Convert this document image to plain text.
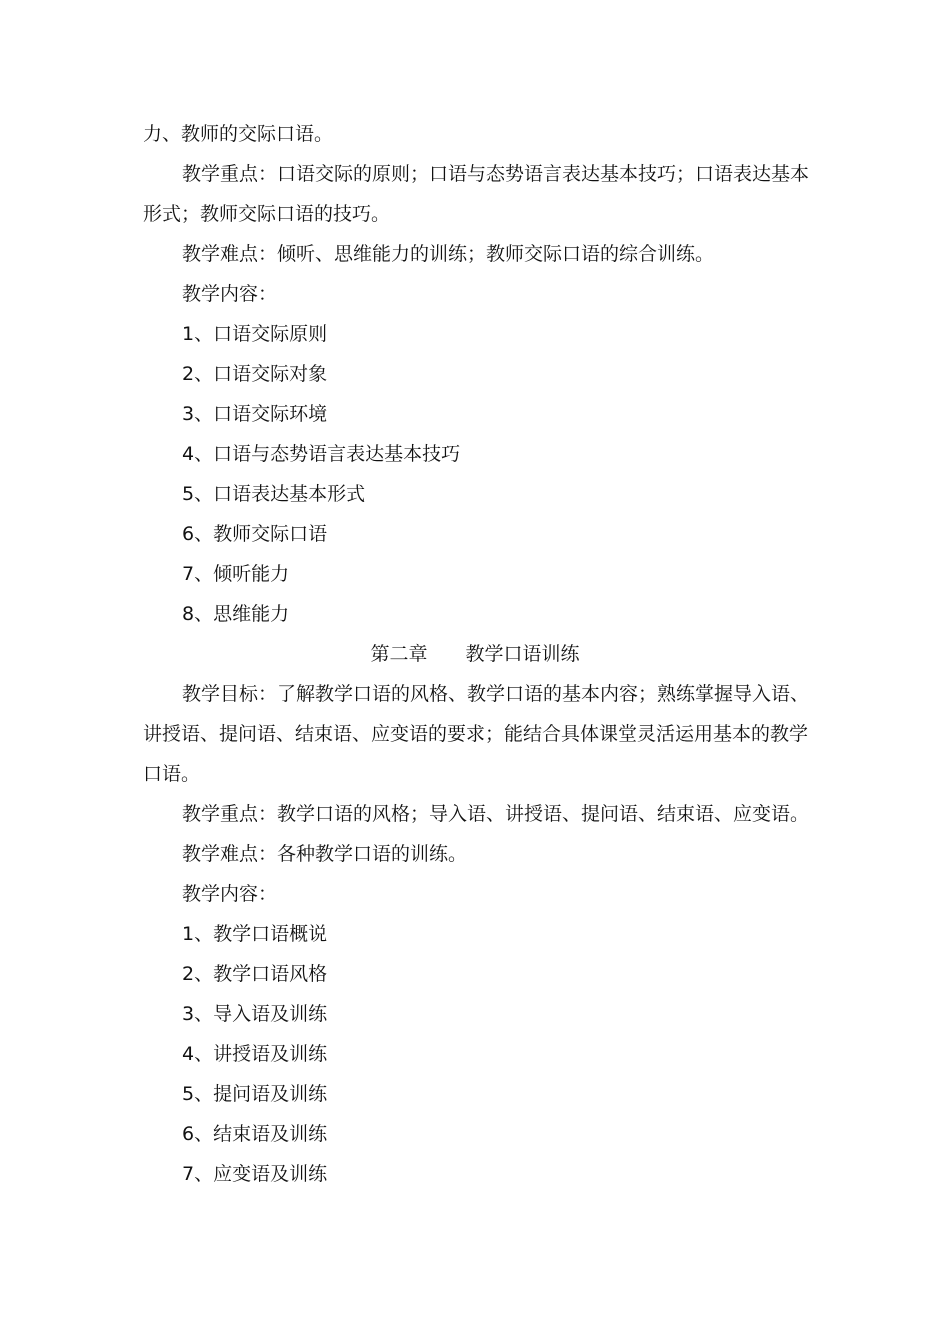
力、教师的交际口语。
教学重点：口语交际的原则；口语与态势语言表达基本技巧；口语表达基本
形式；教师交际口语的技巧。
教学难点：倾听、思维能力的训练；教师交际口语的综合训练。
教学内容：
1、口语交际原则
2、口语交际对象
3、口语交际环境
4、口语与态势语言表达基本技巧
5、口语表达基本形式
6、教师交际口语
7、倾听能力
8、思维能力
第二章 教学口语训练
教学目标：了解教学口语的风格、教学口语的基本内容；熟练掌握导入语、
讲授语、提问语、结束语、应变语的要求；能结合具体课堂灵活运用基本的教学
口语。
教学重点：教学口语的风格；导入语、讲授语、提问语、结束语、应变语。
教学难点：各种教学口语的训练。
教学内容：
1、教学口语概说
2、教学口语风格
3、导入语及训练
4、讲授语及训练
5、提问语及训练
6、结束语及训练
7、应变语及训练
